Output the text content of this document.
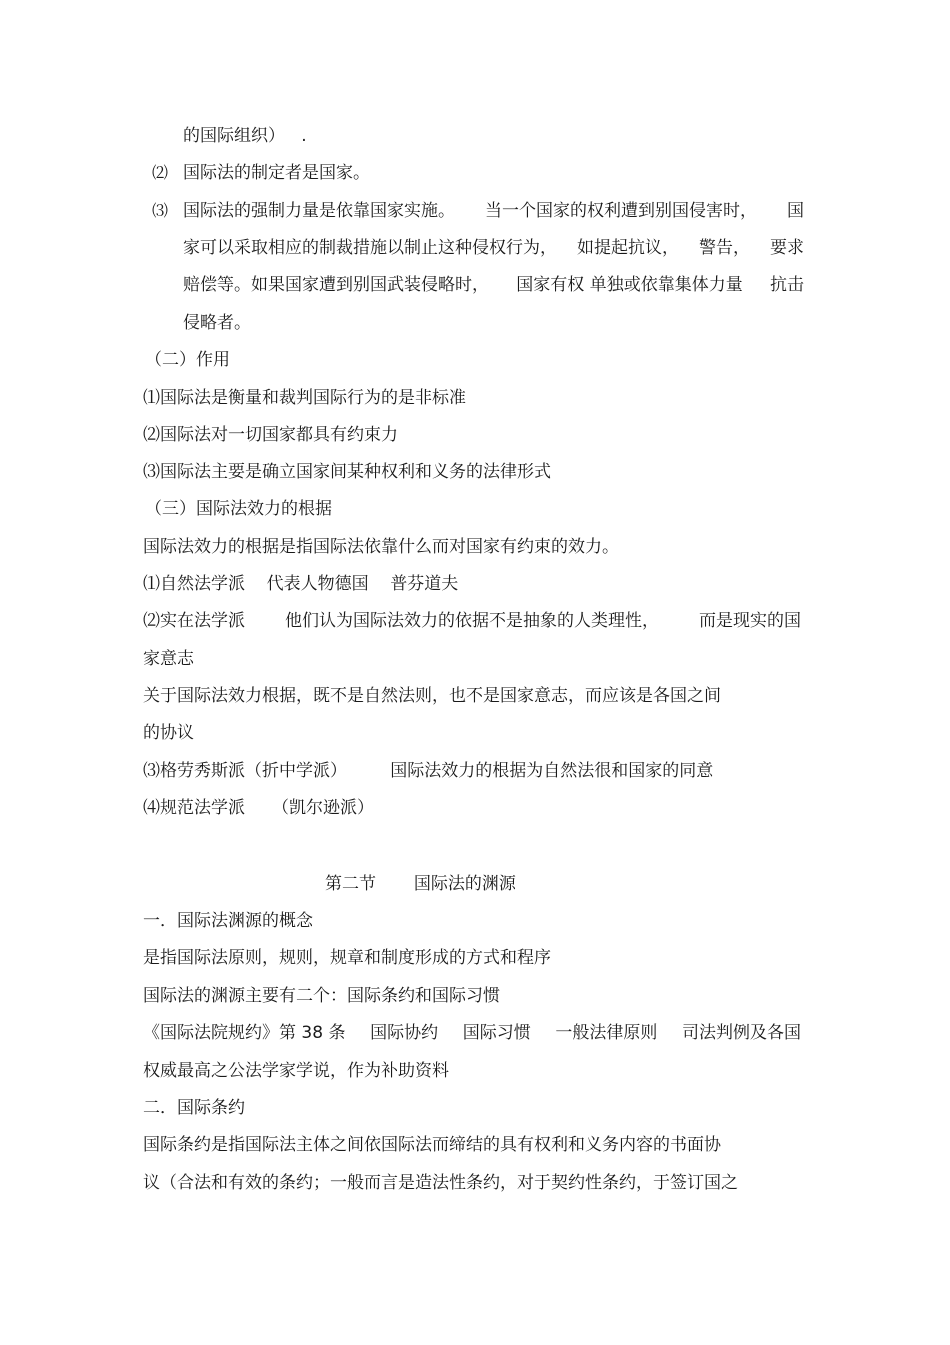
的国际组织）   .
⑵ 国际法的制定者是国家。
⑶ 国际法的强制力量是依靠国家实施。 当一个国家的权利遭到别国侵害时， 国
家可以采取相应的制裁措施以制止这种侵权行为， 如提起抗议， 警告， 要求
赔偿等。如果国家遭到别国武装侵略时， 国家有权 单独或依靠集体力量 抗击
侵略者。
（二）作用
⑴国际法是衡量和裁判国际行为的是非标准
⑵国际法对一切国家都具有约束力
⑶国际法主要是确立国家间某种权利和义务的法律形式
（三）国际法效力的根据
国际法效力的根据是指国际法依靠什么而对国家有约束的效力。
⑴自然法学派    代表人物德国    普芬道夫
⑵实在法学派 他们认为国际法效力的依据不是抽象的人类理性， 而是现实的国
家意志
关于国际法效力根据，既不是自然法则，也不是国家意志，而应该是各国之间
的协议
⑶格劳秀斯派（折中学派）        国际法效力的根据为自然法很和国家的同意
⑷规范法学派     （凯尔逊派）
第二节       国际法的渊源
一．国际法渊源的概念
是指国际法原则，规则，规章和制度形成的方式和程序
国际法的渊源主要有二个：国际条约和国际习惯
《国际法院规约》第 38 条 国际协约 国际习惯 一般法律原则 司法判例及各国
权威最高之公法学家学说，作为补助资料
二．国际条约
国际条约是指国际法主体之间依国际法而缔结的具有权利和义务内容的书面协
议（合法和有效的条约；一般而言是造法性条约，对于契约性条约，于签订国之
